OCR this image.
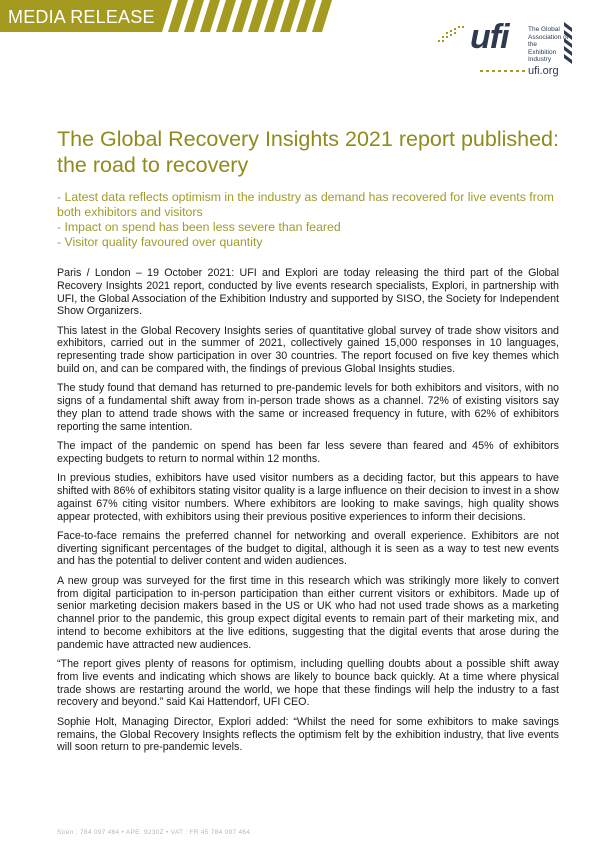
MEDIA RELEASE
ufi	The Global
Association of the
Exhibition Industry
ufi.org
The Global Recovery Insights 2021 report published: the road to recovery
- Latest data reflects optimism in the industry as demand has recovered for live events from both exhibitors and visitors
- Impact on spend has been less severe than feared
- Visitor quality favoured over quantity

Paris / London – 19 October 2021: UFI and Explori are today releasing the third part of the Global Recovery Insights 2021 report, conducted by live events research specialists, Explori, in partnership with UFI, the Global Association of the Exhibition Industry and supported by SISO, the Society for Independent Show Organizers.

This latest in the Global Recovery Insights series of quantitative global survey of trade show visitors and exhibitors, carried out in the summer of 2021, collectively gained 15,000 responses in 10 languages, representing trade show participation in over 30 countries. The report focused on five key themes which build on, and can be compared with, the findings of previous Global Insights studies.

The study found that demand has returned to pre-pandemic levels for both exhibitors and visitors, with no signs of a fundamental shift away from in-person trade shows as a channel. 72% of existing visitors say they plan to attend trade shows with the same or increased frequency in future, with 62% of exhibitors reporting the same intention.

The impact of the pandemic on spend has been far less severe than feared and 45% of exhibitors expecting budgets to return to normal within 12 months.

In previous studies, exhibitors have used visitor numbers as a deciding factor, but this appears to have shifted with 86% of exhibitors stating visitor quality is a large influence on their decision to invest in a show against 67% citing visitor numbers. Where exhibitors are looking to make savings, high quality shows appear protected, with exhibitors using their previous positive experiences to inform their decisions.

Face-to-face remains the preferred channel for networking and overall experience. Exhibitors are not diverting significant percentages of the budget to digital, although it is seen as a way to test new events and has the potential to deliver content and widen audiences.

A new group was surveyed for the first time in this research which was strikingly more likely to convert from digital participation to in-person participation than either current visitors or exhibitors. Made up of senior marketing decision makers based in the US or UK who had not used trade shows as a marketing channel prior to the pandemic, this group expect digital events to remain part of their marketing mix, and intend to become exhibitors at the live editions, suggesting that the digital events that arose during the pandemic have attracted new audiences.

“The report gives plenty of reasons for optimism, including quelling doubts about a possible shift away from live events and indicating which shows are likely to bounce back quickly. At a time where physical trade shows are restarting around the world, we hope that these findings will help the industry to a fast recovery and beyond.” said Kai Hattendorf, UFI CEO.

Sophie Holt, Managing Director, Explori added: “Whilst the need for some exhibitors to make savings remains, the Global Recovery Insights reflects the optimism felt by the exhibition industry, that live events will soon return to pre-pandemic levels.

Siren : 784 097 464 • APE: 9230Z • VAT : FR 45 784 097 464
